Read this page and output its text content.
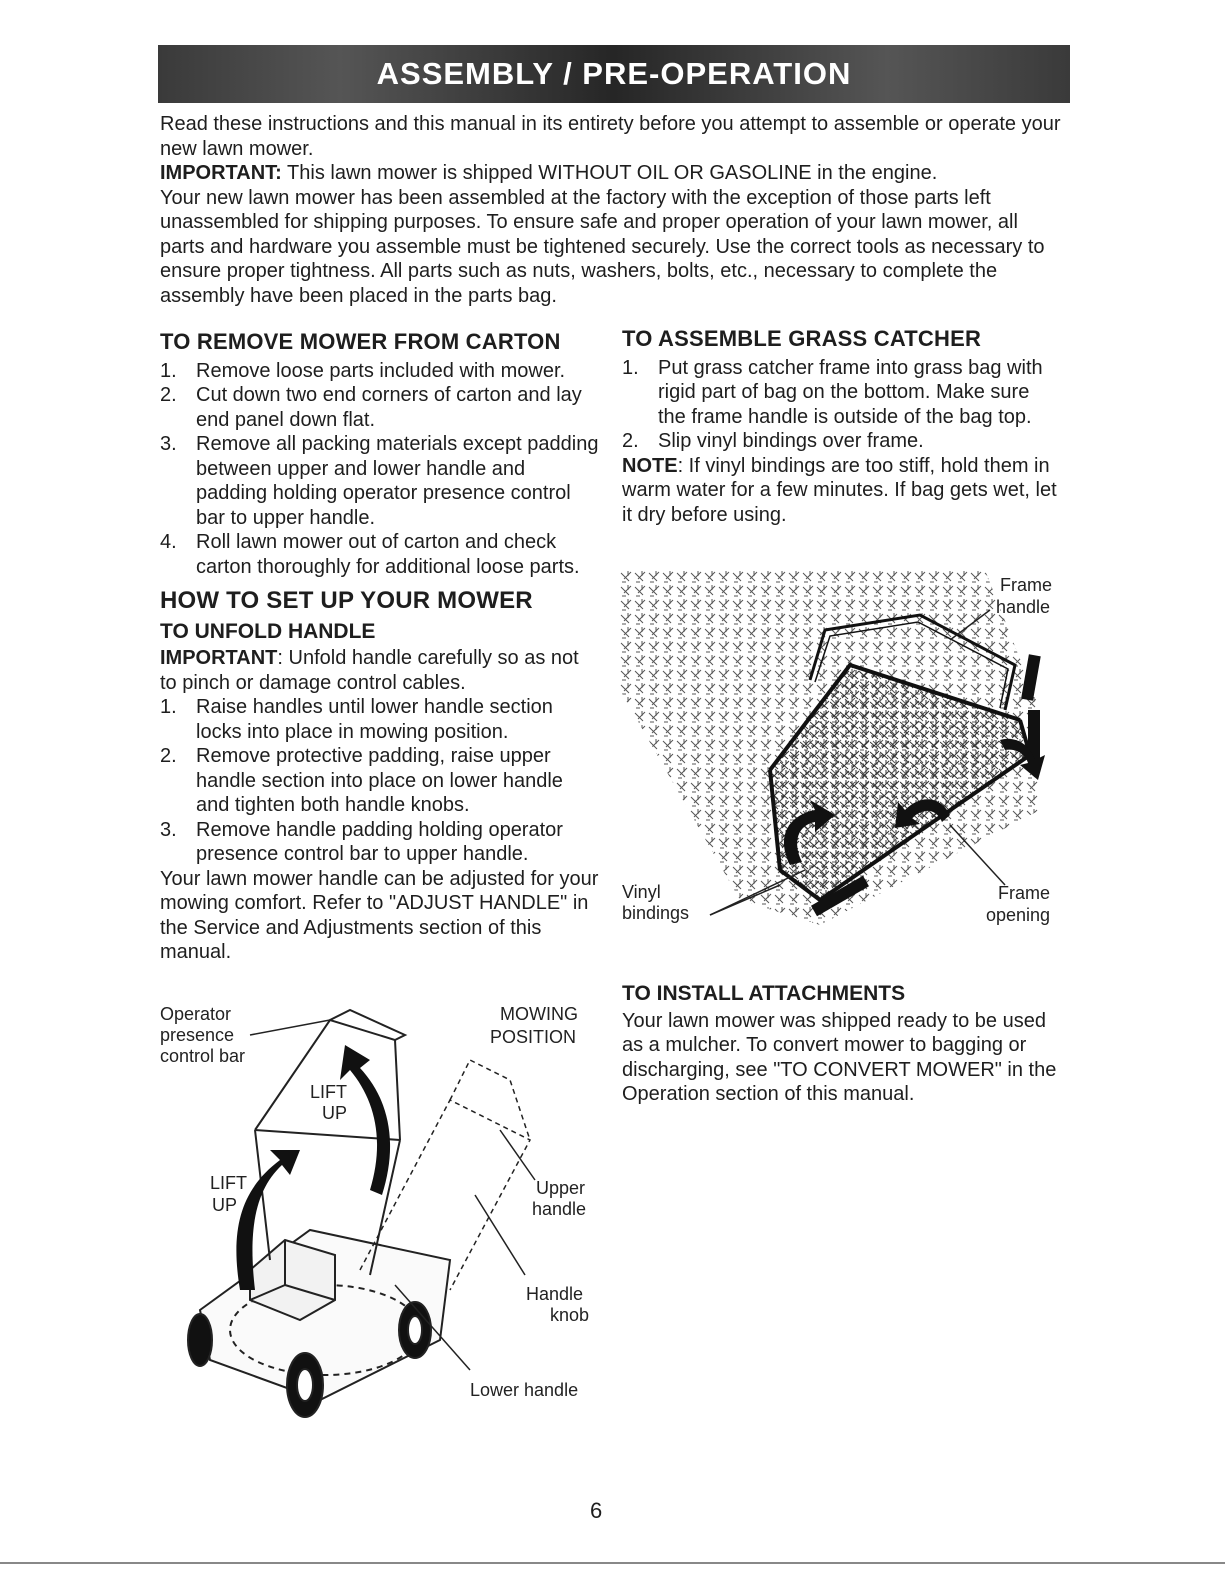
ASSEMBLY / PRE-OPERATION

Read these instructions and this manual in its entirety before you attempt to assemble or operate your new lawn mower.

IMPORTANT: This lawn mower is shipped WITHOUT OIL OR GASOLINE in the engine.

Your new lawn mower has been assembled at the factory with the exception of those parts left unassembled for shipping purposes. To ensure safe and proper operation of your lawn mower, all parts and hardware you assemble must be tightened securely. Use the correct tools as necessary to ensure proper tightness. All parts such as nuts, washers, bolts, etc., necessary to complete the assembly have been placed in the parts bag.

TO REMOVE MOWER FROM CARTON
1. Remove loose parts included with mower.
2. Cut down two end corners of carton and lay end panel down flat.
3. Remove all packing materials except padding between upper and lower handle and padding holding operator presence control bar to upper handle.
4. Roll lawn mower out of carton and check carton thoroughly for additional loose parts.
HOW TO SET UP YOUR MOWER
TO UNFOLD HANDLE

IMPORTANT: Unfold handle carefully so as not to pinch or damage control cables.

1. Raise handles until lower handle section locks into place in mowing position.
2. Remove protective padding, raise upper handle section into place on lower handle and tighten both handle knobs.
3. Remove handle padding holding operator presence control bar to upper handle.

Your lawn mower handle can be adjusted for your mowing comfort. Refer to "ADJUST HANDLE" in the Service and Adjustments section of this manual.

Operator
presence
control bar
MOWING
POSITION
LIFT
UP
LIFT
UP
Upper
handle
Handle
knob
Lower handle
TO ASSEMBLE GRASS CATCHER
1. Put grass catcher frame into grass bag with rigid part of bag on the bottom. Make sure the frame handle is outside of the bag top.
2. Slip vinyl bindings over frame.

NOTE: If vinyl bindings are too stiff, hold them in warm water for a few minutes. If bag gets wet, let it dry before using.

Frame
handle
Vinyl
bindings
Frame
opening
TO INSTALL ATTACHMENTS

Your lawn mower was shipped ready to be used as a mulcher. To convert mower to bagging or discharging, see "TO CONVERT MOWER" in the Operation section of this manual.

6
